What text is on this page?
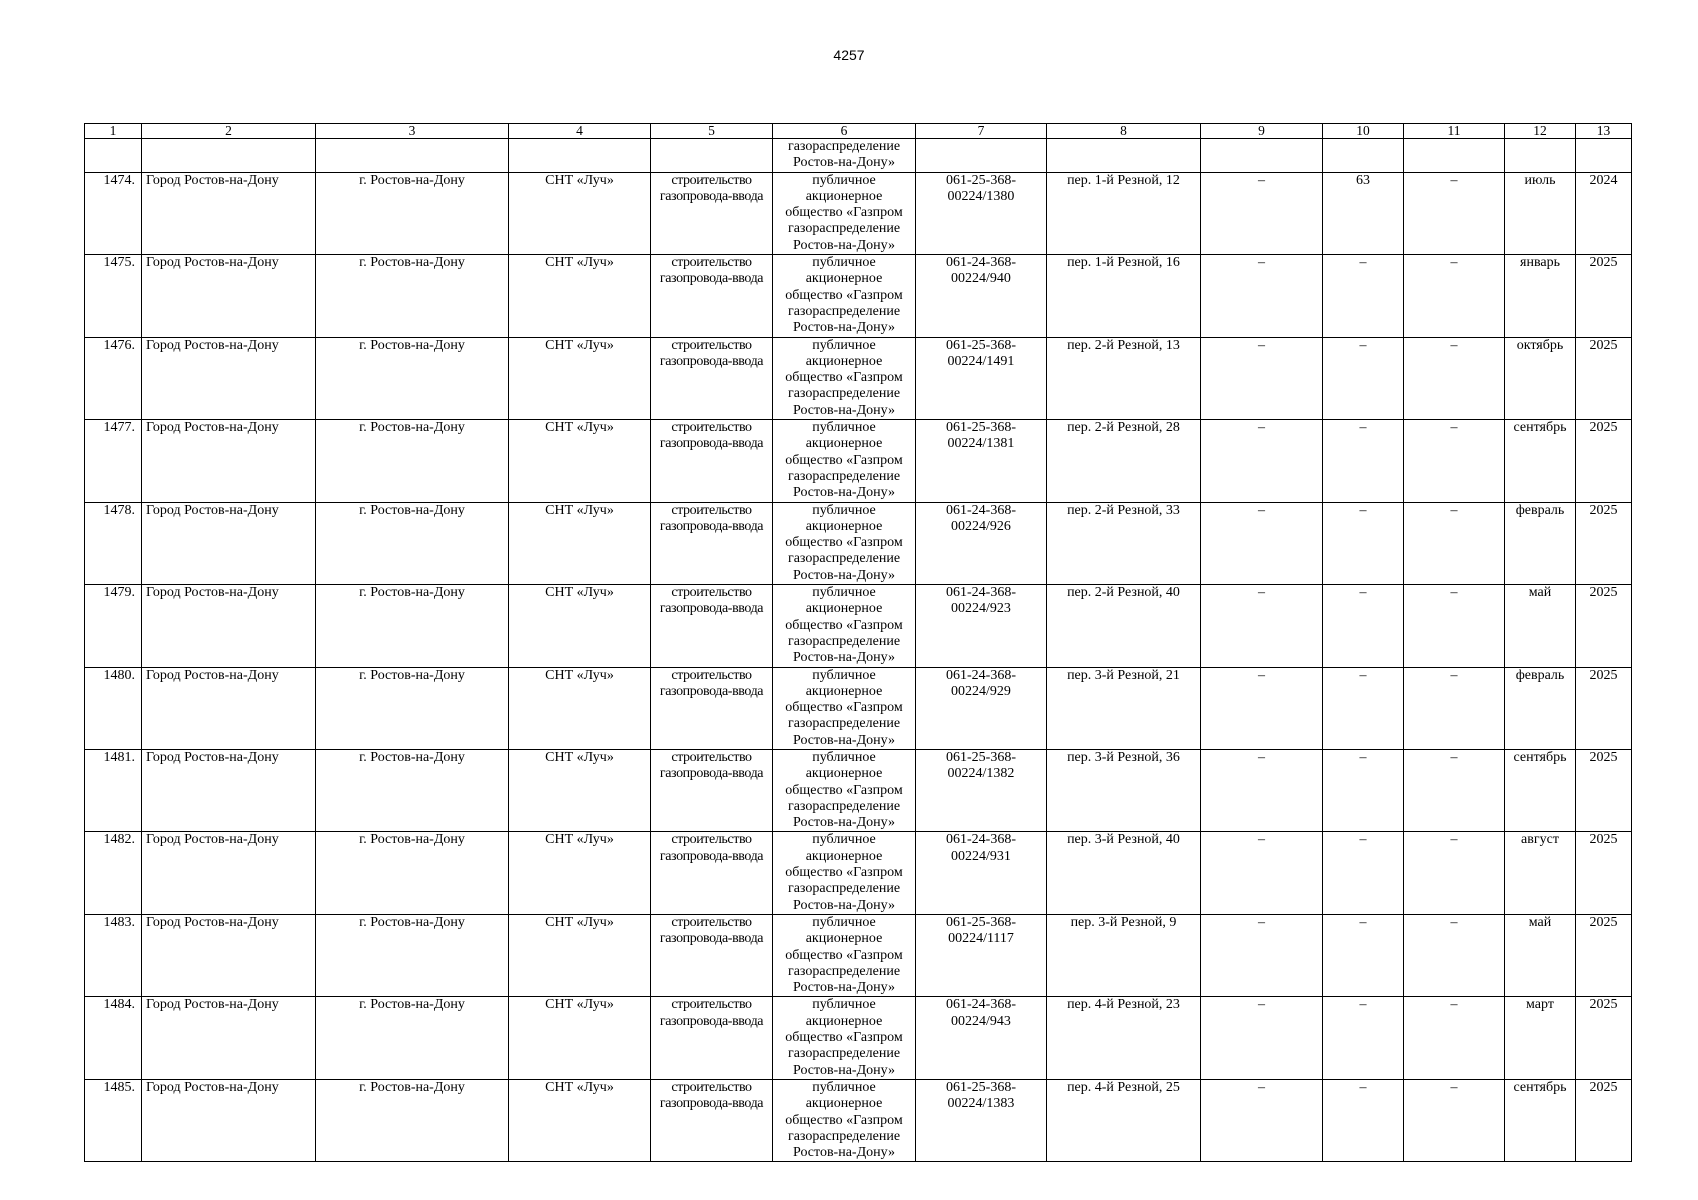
4257
1	2	3	4	5	6	7	8	9	10	11	12	13
					газораспределение Ростов-на-Дону»							
1474.	Город Ростов-на-Дону	г. Ростов-на-Дону	СНТ «Луч»	строительство газопровода-ввода	публичное акционерное общество «Газпром газораспределение Ростов-на-Дону»	061-25-368-00224/1380	пер. 1-й Резной, 12	–	63	–	июль	2024
1475.	Город Ростов-на-Дону	г. Ростов-на-Дону	СНТ «Луч»	строительство газопровода-ввода	публичное акционерное общество «Газпром газораспределение Ростов-на-Дону»	061-24-368-00224/940	пер. 1-й Резной, 16	–	–	–	январь	2025
1476.	Город Ростов-на-Дону	г. Ростов-на-Дону	СНТ «Луч»	строительство газопровода-ввода	публичное акционерное общество «Газпром газораспределение Ростов-на-Дону»	061-25-368-00224/1491	пер. 2-й Резной, 13	–	–	–	октябрь	2025
1477.	Город Ростов-на-Дону	г. Ростов-на-Дону	СНТ «Луч»	строительство газопровода-ввода	публичное акционерное общество «Газпром газораспределение Ростов-на-Дону»	061-25-368-00224/1381	пер. 2-й Резной, 28	–	–	–	сентябрь	2025
1478.	Город Ростов-на-Дону	г. Ростов-на-Дону	СНТ «Луч»	строительство газопровода-ввода	публичное акционерное общество «Газпром газораспределение Ростов-на-Дону»	061-24-368-00224/926	пер. 2-й Резной, 33	–	–	–	февраль	2025
1479.	Город Ростов-на-Дону	г. Ростов-на-Дону	СНТ «Луч»	строительство газопровода-ввода	публичное акционерное общество «Газпром газораспределение Ростов-на-Дону»	061-24-368-00224/923	пер. 2-й Резной, 40	–	–	–	май	2025
1480.	Город Ростов-на-Дону	г. Ростов-на-Дону	СНТ «Луч»	строительство газопровода-ввода	публичное акционерное общество «Газпром газораспределение Ростов-на-Дону»	061-24-368-00224/929	пер. 3-й Резной, 21	–	–	–	февраль	2025
1481.	Город Ростов-на-Дону	г. Ростов-на-Дону	СНТ «Луч»	строительство газопровода-ввода	публичное акционерное общество «Газпром газораспределение Ростов-на-Дону»	061-25-368-00224/1382	пер. 3-й Резной, 36	–	–	–	сентябрь	2025
1482.	Город Ростов-на-Дону	г. Ростов-на-Дону	СНТ «Луч»	строительство газопровода-ввода	публичное акционерное общество «Газпром газораспределение Ростов-на-Дону»	061-24-368-00224/931	пер. 3-й Резной, 40	–	–	–	август	2025
1483.	Город Ростов-на-Дону	г. Ростов-на-Дону	СНТ «Луч»	строительство газопровода-ввода	публичное акционерное общество «Газпром газораспределение Ростов-на-Дону»	061-25-368-00224/1117	пер. 3-й Резной, 9	–	–	–	май	2025
1484.	Город Ростов-на-Дону	г. Ростов-на-Дону	СНТ «Луч»	строительство газопровода-ввода	публичное акционерное общество «Газпром газораспределение Ростов-на-Дону»	061-24-368-00224/943	пер. 4-й Резной, 23	–	–	–	март	2025
1485.	Город Ростов-на-Дону	г. Ростов-на-Дону	СНТ «Луч»	строительство газопровода-ввода	публичное акционерное общество «Газпром газораспределение Ростов-на-Дону»	061-25-368-00224/1383	пер. 4-й Резной, 25	–	–	–	сентябрь	2025
